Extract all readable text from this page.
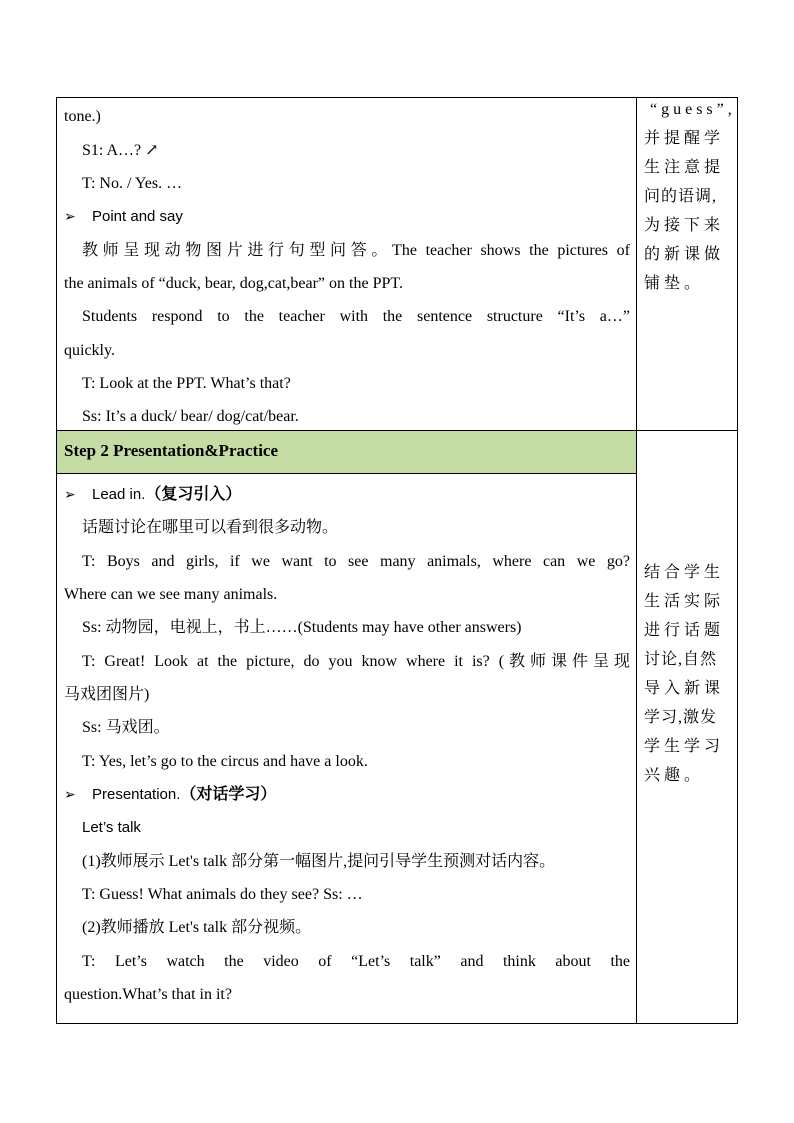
tone.)
S1: A…? ↗
T: No. / Yes. …
➢ Point and say
教师呈现动物图片进行句型问答。The teacher shows the pictures of
the animals of “duck, bear, dog,cat,bear” on the PPT.
Students respond to the teacher with the sentence structure “It’s a…”
quickly.
T: Look at the PPT. What’s that?
Ss: It’s a duck/ bear/ dog/cat/bear.
“guess”,
并提醒学
生注意提
问的语调,
为接下来
的新课做
铺垫。
Step 2 Presentation&Practice
➢ Lead in.（复习引入）
话题讨论在哪里可以看到很多动物。
T: Boys and girls, if we want to see many animals, where can we go?
Where can we see many animals.
Ss: 动物园，电视上，书上……(Students may have other answers)
T: Great! Look at the picture, do you know where it is? (教师课件呈现
马戏团图片)
Ss: 马戏团。
T: Yes, let’s go to the circus and have a look.
➢ Presentation.（对话学习）
Let’s talk
(1)教师展示 Let's talk 部分第一幅图片,提问引导学生预测对话内容。
T: Guess! What animals do they see? Ss: …
(2)教师播放 Let's talk 部分视频。
T: Let’s watch the video of “Let’s talk” and think about the
question.What’s that in it?
结合学生
生活实际
进行话题
讨论,自然
导入新课
学习,激发
学生学习
兴趣。
